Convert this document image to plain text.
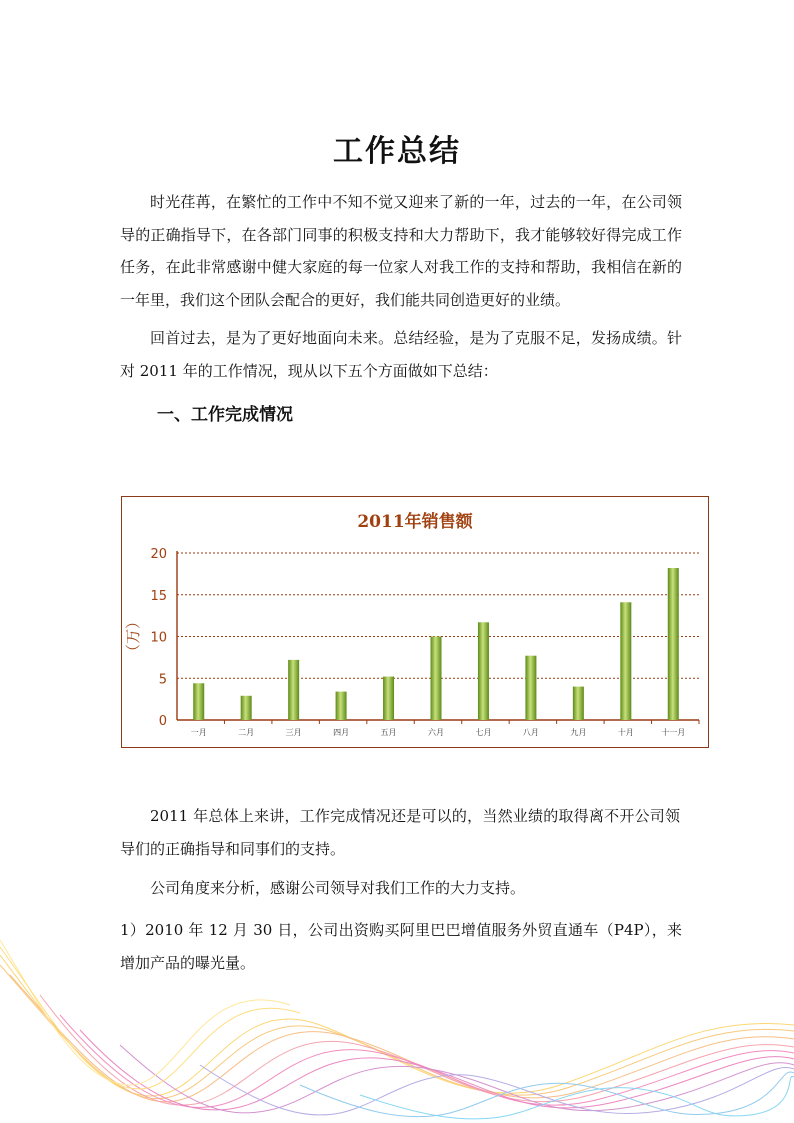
工作总结

时光荏苒，在繁忙的工作中不知不觉又迎来了新的一年，过去的一年，在公司领导的正确指导下，在各部门同事的积极支持和大力帮助下，我才能够较好得完成工作任务，在此非常感谢中健大家庭的每一位家人对我工作的支持和帮助，我相信在新的一年里，我们这个团队会配合的更好，我们能共同创造更好的业绩。

回首过去，是为了更好地面向未来。总结经验，是为了克服不足，发扬成绩。针对 2011 年的工作情况，现从以下五个方面做如下总结：

一、工作完成情况
2011年销售额
（万）
0
5
10
15
20
一月	二月	三月	四月	五月	六月	七月	八月	九月	十月	十一月

2011 年总体上来讲，工作完成情况还是可以的，当然业绩的取得离不开公司领导们的正确指导和同事们的支持。

公司角度来分析，感谢公司领导对我们工作的大力支持。

1）2010 年 12 月 30 日，公司出资购买阿里巴巴增值服务外贸直通车（P4P），来增加产品的曝光量。
